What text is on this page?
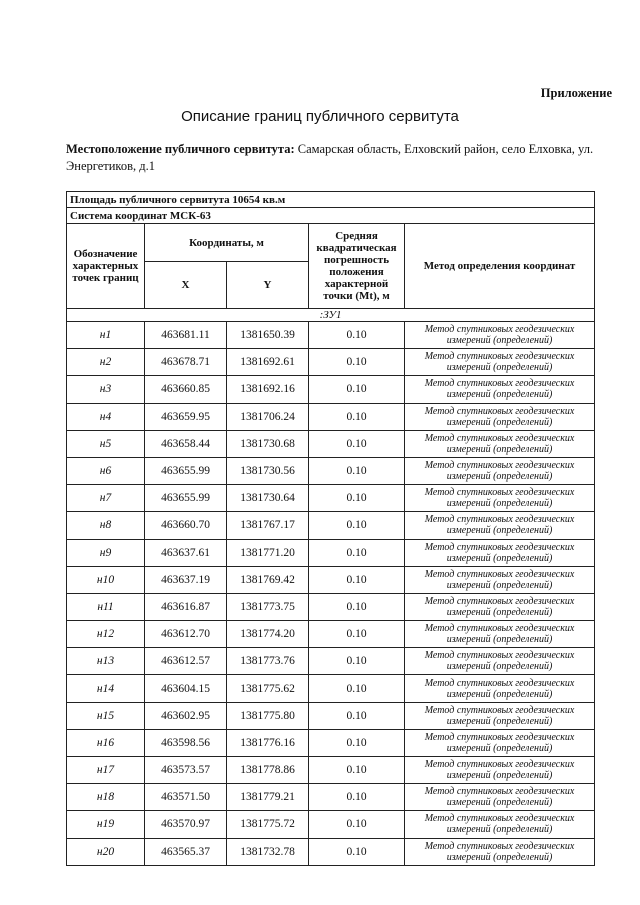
Приложение
Описание границ публичного сервитута
Местоположение публичного сервитута: Самарская область, Елховский район, село Елховка, ул. Энергетиков, д.1
Площадь публичного сервитута 10654 кв.м				
Система координат МСК-63				
Обозначение характерных точек границ	Координаты, м		Средняя квадратическая погрешность положения характерной точки (Mt), м	Метод определения координат
	X	Y		
:ЗУ1				
н1	463681.11	1381650.39	0.10	Метод спутниковых геодезических измерений (определений)
н2	463678.71	1381692.61	0.10	Метод спутниковых геодезических измерений (определений)
н3	463660.85	1381692.16	0.10	Метод спутниковых геодезических измерений (определений)
н4	463659.95	1381706.24	0.10	Метод спутниковых геодезических измерений (определений)
н5	463658.44	1381730.68	0.10	Метод спутниковых геодезических измерений (определений)
н6	463655.99	1381730.56	0.10	Метод спутниковых геодезических измерений (определений)
н7	463655.99	1381730.64	0.10	Метод спутниковых геодезических измерений (определений)
н8	463660.70	1381767.17	0.10	Метод спутниковых геодезических измерений (определений)
н9	463637.61	1381771.20	0.10	Метод спутниковых геодезических измерений (определений)
н10	463637.19	1381769.42	0.10	Метод спутниковых геодезических измерений (определений)
н11	463616.87	1381773.75	0.10	Метод спутниковых геодезических измерений (определений)
н12	463612.70	1381774.20	0.10	Метод спутниковых геодезических измерений (определений)
н13	463612.57	1381773.76	0.10	Метод спутниковых геодезических измерений (определений)
н14	463604.15	1381775.62	0.10	Метод спутниковых геодезических измерений (определений)
н15	463602.95	1381775.80	0.10	Метод спутниковых геодезических измерений (определений)
н16	463598.56	1381776.16	0.10	Метод спутниковых геодезических измерений (определений)
н17	463573.57	1381778.86	0.10	Метод спутниковых геодезических измерений (определений)
н18	463571.50	1381779.21	0.10	Метод спутниковых геодезических измерений (определений)
н19	463570.97	1381775.72	0.10	Метод спутниковых геодезических измерений (определений)
н20	463565.37	1381732.78	0.10	Метод спутниковых геодезических измерений (определений)
